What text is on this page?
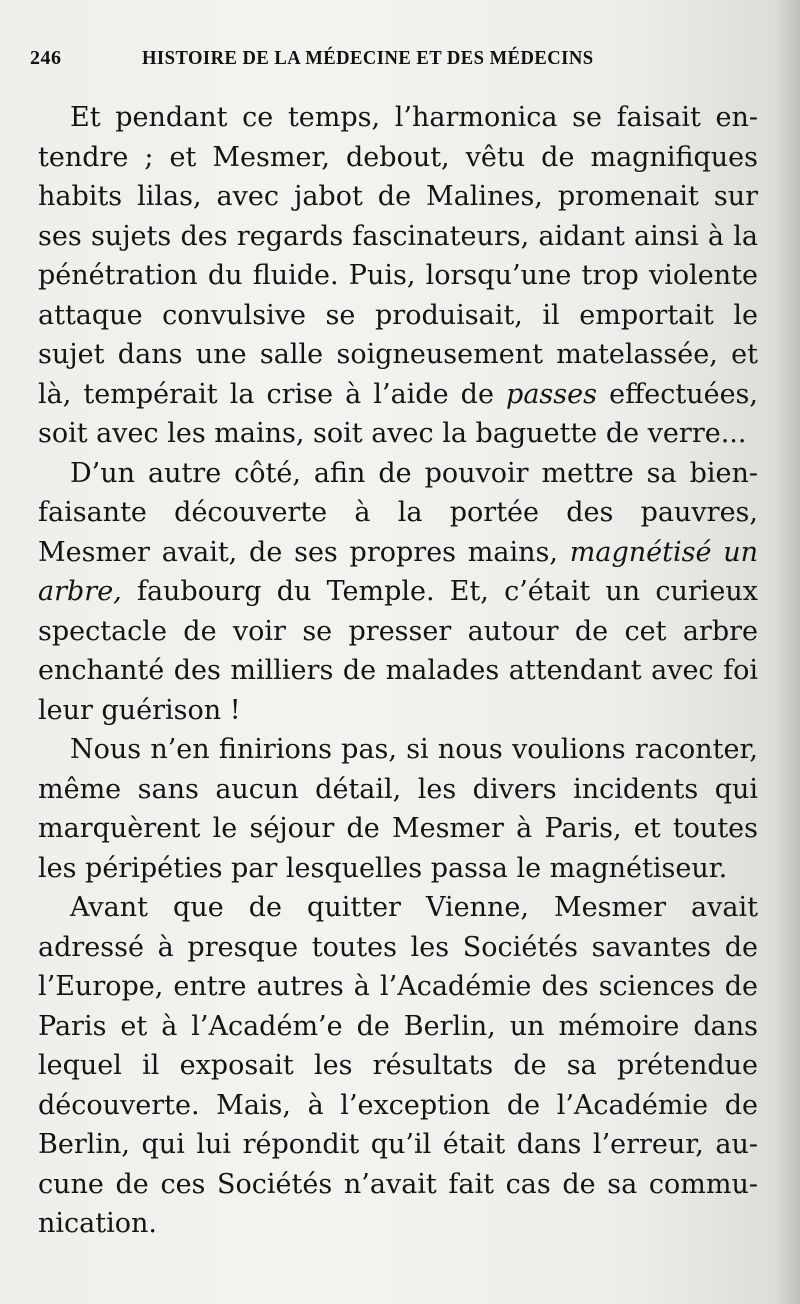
246	HISTOIRE DE LA MÉDECINE ET DES MÉDECINS

Et pendant ce temps, l’harmonica se faisait entendre ; et Mesmer, debout, vêtu de magnifiques habits lilas, avec jabot de Malines, promenait sur ses sujets des regards fascinateurs, aidant ainsi à la pénétration du fluide. Puis, lorsqu’une trop violente attaque convulsive se produisait, il emportait le sujet dans une salle soigneusement matelassée, et là, tempérait la crise à l’aide de passes effectuées, soit avec les mains, soit avec la baguette de verre...

D’un autre côté, afin de pouvoir mettre sa bienfaisante découverte à la portée des pauvres, Mesmer avait, de ses propres mains, magnétisé un arbre, faubourg du Temple. Et, c’était un curieux spectacle de voir se presser autour de cet arbre enchanté des milliers de malades attendant avec foi leur guérison !

Nous n’en finirions pas, si nous voulions raconter, même sans aucun détail, les divers incidents qui marquèrent le séjour de Mesmer à Paris, et toutes les péripéties par lesquelles passa le magnétiseur.

Avant que de quitter Vienne, Mesmer avait adressé à presque toutes les Sociétés savantes de l’Europe, entre autres à l’Académie des sciences de Paris et à l’Académ’e de Berlin, un mémoire dans lequel il exposait les résultats de sa prétendue découverte. Mais, à l’exception de l’Académie de Berlin, qui lui répondit qu’il était dans l’erreur, aucune de ces Sociétés n’avait fait cas de sa communication.
